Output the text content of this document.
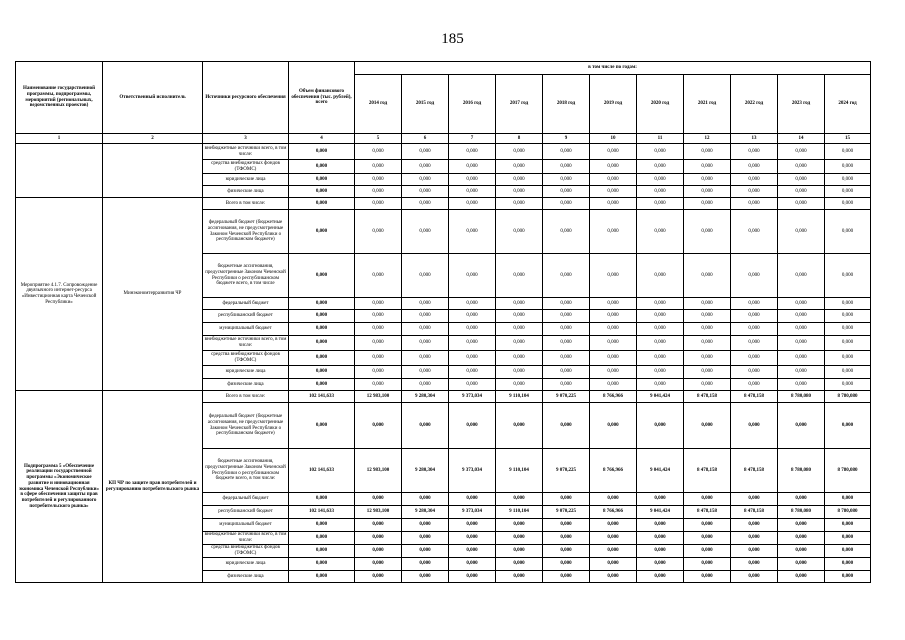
185
Наименование государственной программы, подпрограммы, мероприятий (региональных, ведомственных проектов)	Ответственный исполнитель	Источники ресурсного обеспечения	Объем финансового обеспечения (тыс. рублей), всего	в том числе по годам:										
				2014 год	2015 год	2016 год	2017 год	2018 год	2019 год	2020 год	2021 год	2022 год	2023 год	2024 год
1	2	3	4	5	6	7	8	9	10	11	12	13	14	15
		внебюджетные источники всего, в том числе:	0,000	0,000	0,000	0,000	0,000	0,000	0,000	0,000	0,000	0,000	0,000	0,000
		средства внебюджетных фондов (ТФОМС)	0,000	0,000	0,000	0,000	0,000	0,000	0,000	0,000	0,000	0,000	0,000	0,000
		юридические лица	0,000	0,000	0,000	0,000	0,000	0,000	0,000	0,000	0,000	0,000	0,000	0,000
		физические лица	0,000	0,000	0,000	0,000	0,000	0,000	0,000	0,000	0,000	0,000	0,000	0,000
Мероприятие 4.1.7. Сопровождение двуязычного интернет-ресурса «Инвестиционная карта Чеченской Республики»	Минэкономтерразвития ЧР	Всего в том числе:	0,000	0,000	0,000	0,000	0,000	0,000	0,000	0,000	0,000	0,000	0,000	0,000
		федеральный бюджет (бюджетные ассигнования, не предусмотренные Законом Чеченской Республики о республиканском бюджете)	0,000	0,000	0,000	0,000	0,000	0,000	0,000	0,000	0,000	0,000	0,000	0,000
		бюджетные ассигнования, предусмотренные Законом Чеченской Республики о республиканском бюджете всего, в том числе	0,000	0,000	0,000	0,000	0,000	0,000	0,000	0,000	0,000	0,000	0,000	0,000
		федеральный бюджет	0,000	0,000	0,000	0,000	0,000	0,000	0,000	0,000	0,000	0,000	0,000	0,000
		республиканский бюджет	0,000	0,000	0,000	0,000	0,000	0,000	0,000	0,000	0,000	0,000	0,000	0,000
		муниципальный бюджет	0,000	0,000	0,000	0,000	0,000	0,000	0,000	0,000	0,000	0,000	0,000	0,000
		внебюджетные источники всего, в том числе:	0,000	0,000	0,000	0,000	0,000	0,000	0,000	0,000	0,000	0,000	0,000	0,000
		средства внебюджетных фондов (ТФОМС)	0,000	0,000	0,000	0,000	0,000	0,000	0,000	0,000	0,000	0,000	0,000	0,000
		юридические лица	0,000	0,000	0,000	0,000	0,000	0,000	0,000	0,000	0,000	0,000	0,000	0,000
		физические лица	0,000	0,000	0,000	0,000	0,000	0,000	0,000	0,000	0,000	0,000	0,000	0,000
Подпрограмма 5 «Обеспечение реализации государственной программы «Экономическое развитие и инновационная экономика Чеченской Республики» в сфере обеспечения защиты прав потребителей и регулированного потребительского рынка»	КП ЧР по защите прав потребителей и регулированию потребительского рынка	Всего в том числе:	102 141,633	12 983,100	9 280,304	9 373,034	9 110,104	9 070,225	8 766,966	9 041,424	8 478,158	8 478,158	8 780,080	8 780,080
		федеральный бюджет (бюджетные ассигнования, не предусмотренные Законом Чеченской Республики о республиканском бюджете)	0,000	0,000	0,000	0,000	0,000	0,000	0,000	0,000	0,000	0,000	0,000	0,000
		бюджетные ассигнования, предусмотренные Законом Чеченской Республики о республиканском бюджете всего, в том числе:	102 141,633	12 983,100	9 280,304	9 373,034	9 110,104	9 070,225	8 766,966	9 041,424	8 478,158	8 478,158	8 780,080	8 780,080
		федеральный бюджет	0,000	0,000	0,000	0,000	0,000	0,000	0,000	0,000	0,000	0,000	0,000	0,000
		республиканский бюджет	102 141,633	12 983,100	9 280,304	9 373,034	9 110,104	9 070,225	8 766,966	9 041,424	8 478,158	8 478,158	8 780,080	8 780,080
		муниципальный бюджет	0,000	0,000	0,000	0,000	0,000	0,000	0,000	0,000	0,000	0,000	0,000	0,000
		внебюджетные источники всего, в том числе:	0,000	0,000	0,000	0,000	0,000	0,000	0,000	0,000	0,000	0,000	0,000	0,000
		средства внебюджетных фондов (ТФОМС)	0,000	0,000	0,000	0,000	0,000	0,000	0,000	0,000	0,000	0,000	0,000	0,000
		юридические лица	0,000	0,000	0,000	0,000	0,000	0,000	0,000	0,000	0,000	0,000	0,000	0,000
		физические лица	0,000	0,000	0,000	0,000	0,000	0,000	0,000	0,000	0,000	0,000	0,000	0,000
